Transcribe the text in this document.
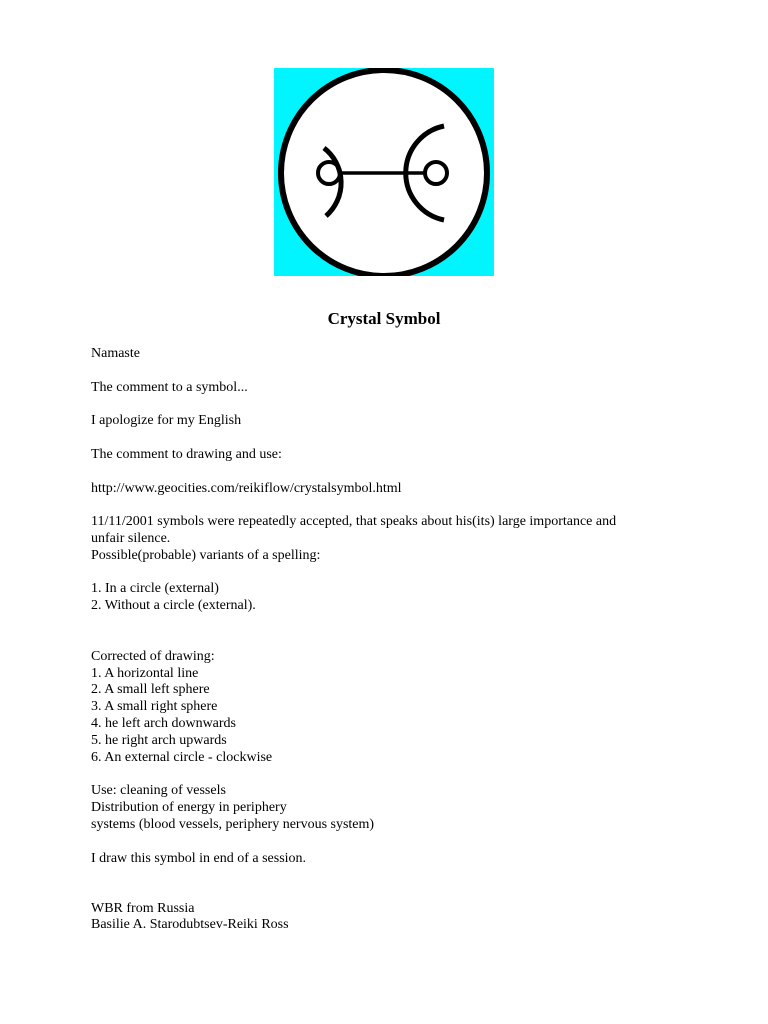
Crystal Symbol

Namaste

The comment to a symbol...

I apologize for my English

The comment to drawing and use:

http://www.geocities.com/reikiflow/crystalsymbol.html

11/11/2001 symbols were repeatedly accepted, that speaks about his(its) large importance and

unfair silence.

Possible(probable) variants of a spelling:

1. In a circle (external)

2. Without a circle (external).

Corrected of drawing:

1. A horizontal line

2. A small left sphere

3. A small right sphere

4. he left arch downwards

5. he right arch upwards

6. An external circle - clockwise

Use: cleaning of vessels

Distribution of energy in periphery

systems (blood vessels, periphery nervous system)

I draw this symbol in end of a session.

WBR from Russia

Basilie A. Starodubtsev-Reiki Ross
